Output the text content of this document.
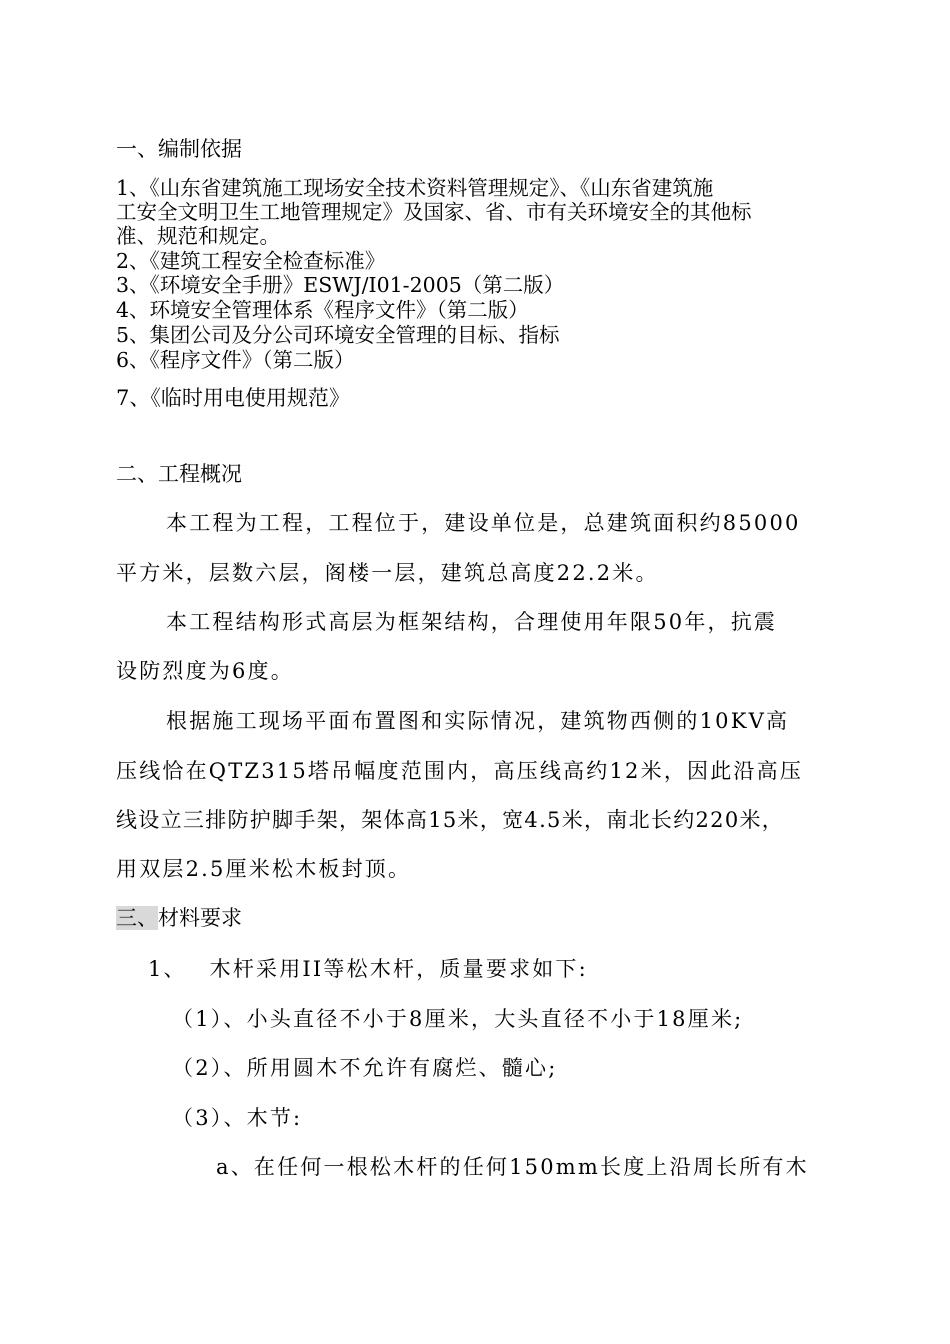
一、编制依据
1、《山东省建筑施工现场安全技术资料管理规定》、《山东省建筑施
工安全文明卫生工地管理规定》及国家、省、市有关环境安全的其他标
准、规范和规定。
2、《建筑工程安全检查标准》
3、《环境安全手册》ESWJ/I01-2005（第二版）
4、环境安全管理体系《程序文件》（第二版）
5、集团公司及分公司环境安全管理的目标、指标
6、《程序文件》（第二版）
7、《临时用电使用规范》
二、工程概况
本工程为工程，工程位于，建设单位是，总建筑面积约85000
平方米，层数六层，阁楼一层，建筑总高度22.2米。
本工程结构形式高层为框架结构，合理使用年限50年，抗震
设防烈度为6度。
根据施工现场平面布置图和实际情况，建筑物西侧的10KV高
压线恰在QTZ315塔吊幅度范围内，高压线高约12米，因此沿高压
线设立三排防护脚手架，架体高15米，宽4.5米，南北长约220米，
用双层2.5厘米松木板封顶。
三、材料要求
1、 木杆采用II等松木杆，质量要求如下:
（1）、小头直径不小于8厘米，大头直径不小于18厘米;
（2）、所用圆木不允许有腐烂、髓心;
（3）、木节:
a、在任何一根松木杆的任何150mm长度上沿周长所有木
